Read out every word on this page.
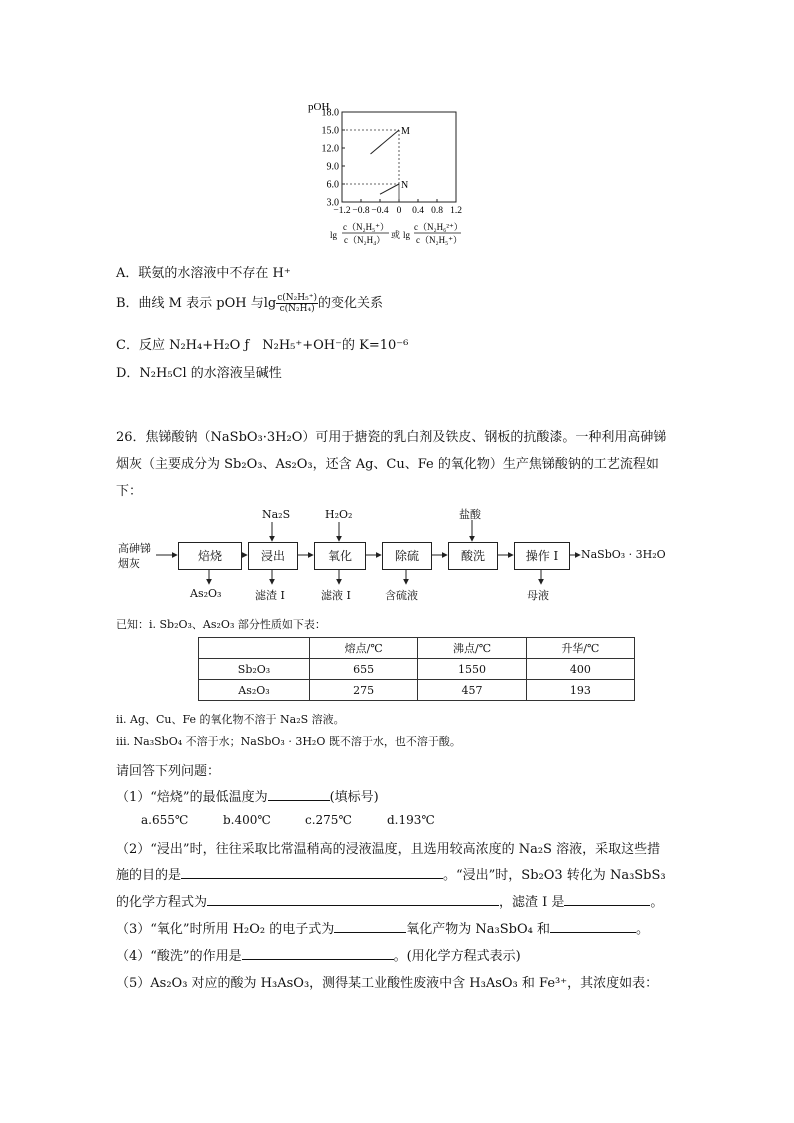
pOH
18.0
15.0
12.0
9.0
6.0
3.0
−1.2 −0.8 −0.4 0 0.4 0.8 1.2
M
N
lg
c（N₂H₅⁺）
c（N₂H₄） 或 lg
c（N₂H₆²⁺）
c（N₂H₅⁺）
A．联氨的水溶液中不存在 H⁺
B．曲线 M 表示 pOH 与$\lg \frac{\text{c(N₂H₅⁺)}}{\text{c(N₂H₄)}}$ 的变化关系
C．反应 N₂H₄+H₂O ƒ　N₂H₅⁺+OH⁻的 K=10⁻⁶
D．N₂H₅Cl 的水溶液呈碱性
26．焦锑酸钠（NaSbO₃·3H₂O）可用于搪瓷的乳白剂及铁皮、钢板的抗酸漆。一种利用高砷锑
烟灰（主要成分为 Sb₂O₃、As₂O₃，还含 Ag、Cu、Fe 的氧化物）生产焦锑酸钠的工艺流程如
下：
高砷锑
烟灰
焙烧	浸出	氧化	除硫	酸洗	操作 I	NaSbO₃ · 3H₂O
Na₂S	H₂O₂	盐酸
As₂O₃	滤渣 I	滤液 I	含硫液	母液
已知：ⅰ. Sb₂O₃、As₂O₃ 部分性质如下表：
	熔点/℃	沸点/℃	升华/℃
Sb₂O₃	655	1550	400
As₂O₃	275	457	193
ⅱ. Ag、Cu、Fe 的氧化物不溶于 Na₂S 溶液。
ⅲ. Na₃SbO₄ 不溶于水；NaSbO₃ · 3H₂O 既不溶于水，也不溶于酸。
请回答下列问题：
（1）“焙烧”的最低温度为	(填标号)
a.655℃	b.400℃	c.275℃	d.193℃
（2）“浸出”时，往往采取比常温稍高的浸液温度，且选用较高浓度的 Na₂S 溶液，采取这些措
施的目的是	。“浸出”时，Sb₂O3 转化为 Na₃SbS₃
的化学方程式为	，滤渣 I 是	。
（3）“氧化”时所用 H₂O₂ 的电子式为	氧化产物为 Na₃SbO₄ 和	。
（4）“酸洗”的作用是	。(用化学方程式表示)
（5）As₂O₃ 对应的酸为 H₃AsO₃，测得某工业酸性废液中含 H₃AsO₃ 和 Fe³⁺，其浓度如表：
